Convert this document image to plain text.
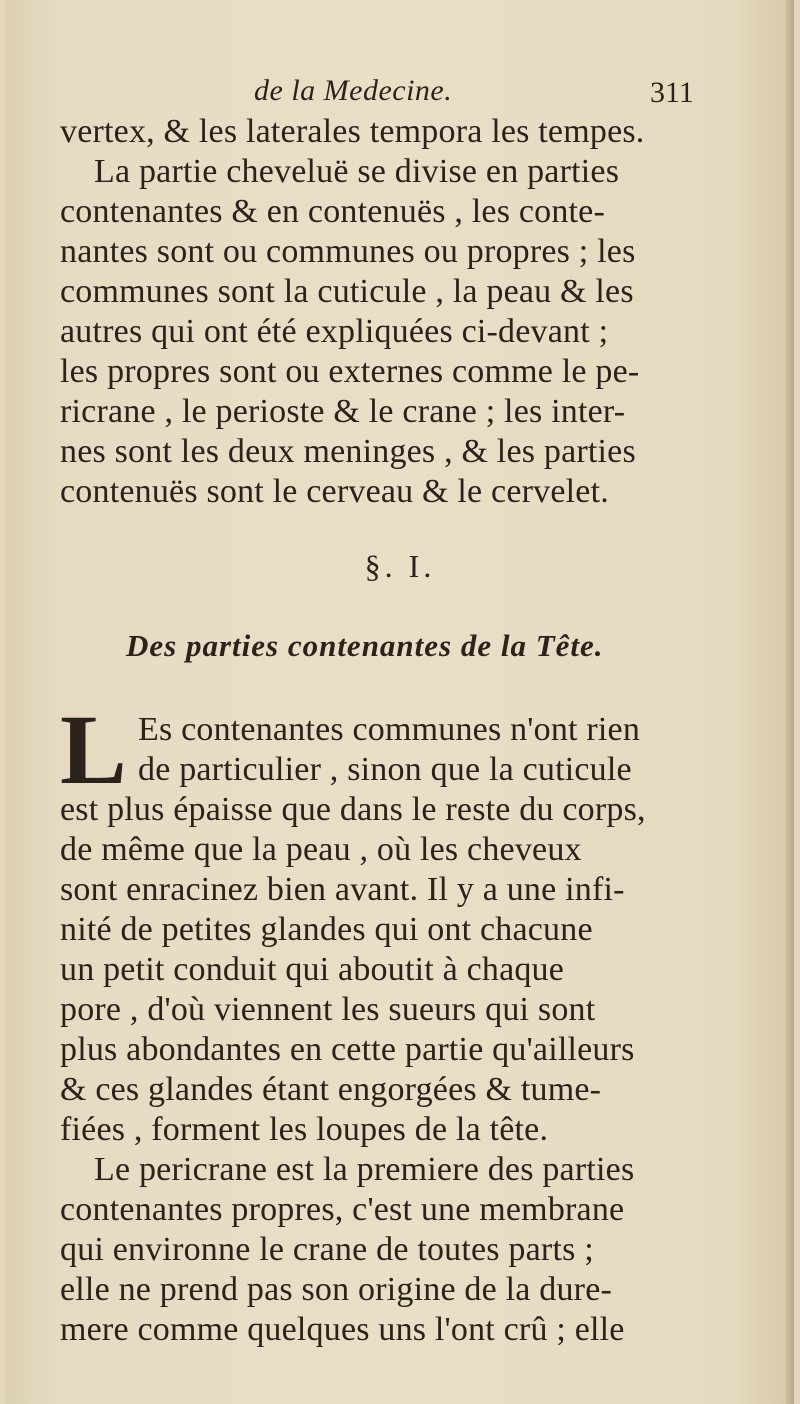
de la Medecine.	311
vertex, & les laterales tempora les tempes.
La partie cheveluë se divise en parties
contenantes & en contenuës , les conte-
nantes sont ou communes ou propres ; les
communes sont la cuticule , la peau & les
autres qui ont été expliquées ci-devant ;
les propres sont ou externes comme le pe-
ricrane , le perioste & le crane ; les inter-
nes sont les deux meninges , & les parties
contenuës sont le cerveau & le cervelet.
§. I.
Des parties contenantes de la Tête.
L Es contenantes communes n'ont rien
de particulier , sinon que la cuticule
est plus épaisse que dans le reste du corps,
de même que la peau , où les cheveux
sont enracinez bien avant. Il y a une infi-
nité de petites glandes qui ont chacune
un petit conduit qui aboutit à chaque
pore , d'où viennent les sueurs qui sont
plus abondantes en cette partie qu'ailleurs
& ces glandes étant engorgées & tume-
fiées , forment les loupes de la tête.
Le pericrane est la premiere des parties
contenantes propres, c'est une membrane
qui environne le crane de toutes parts ;
elle ne prend pas son origine de la dure-
mere comme quelques uns l'ont crû ; elle
